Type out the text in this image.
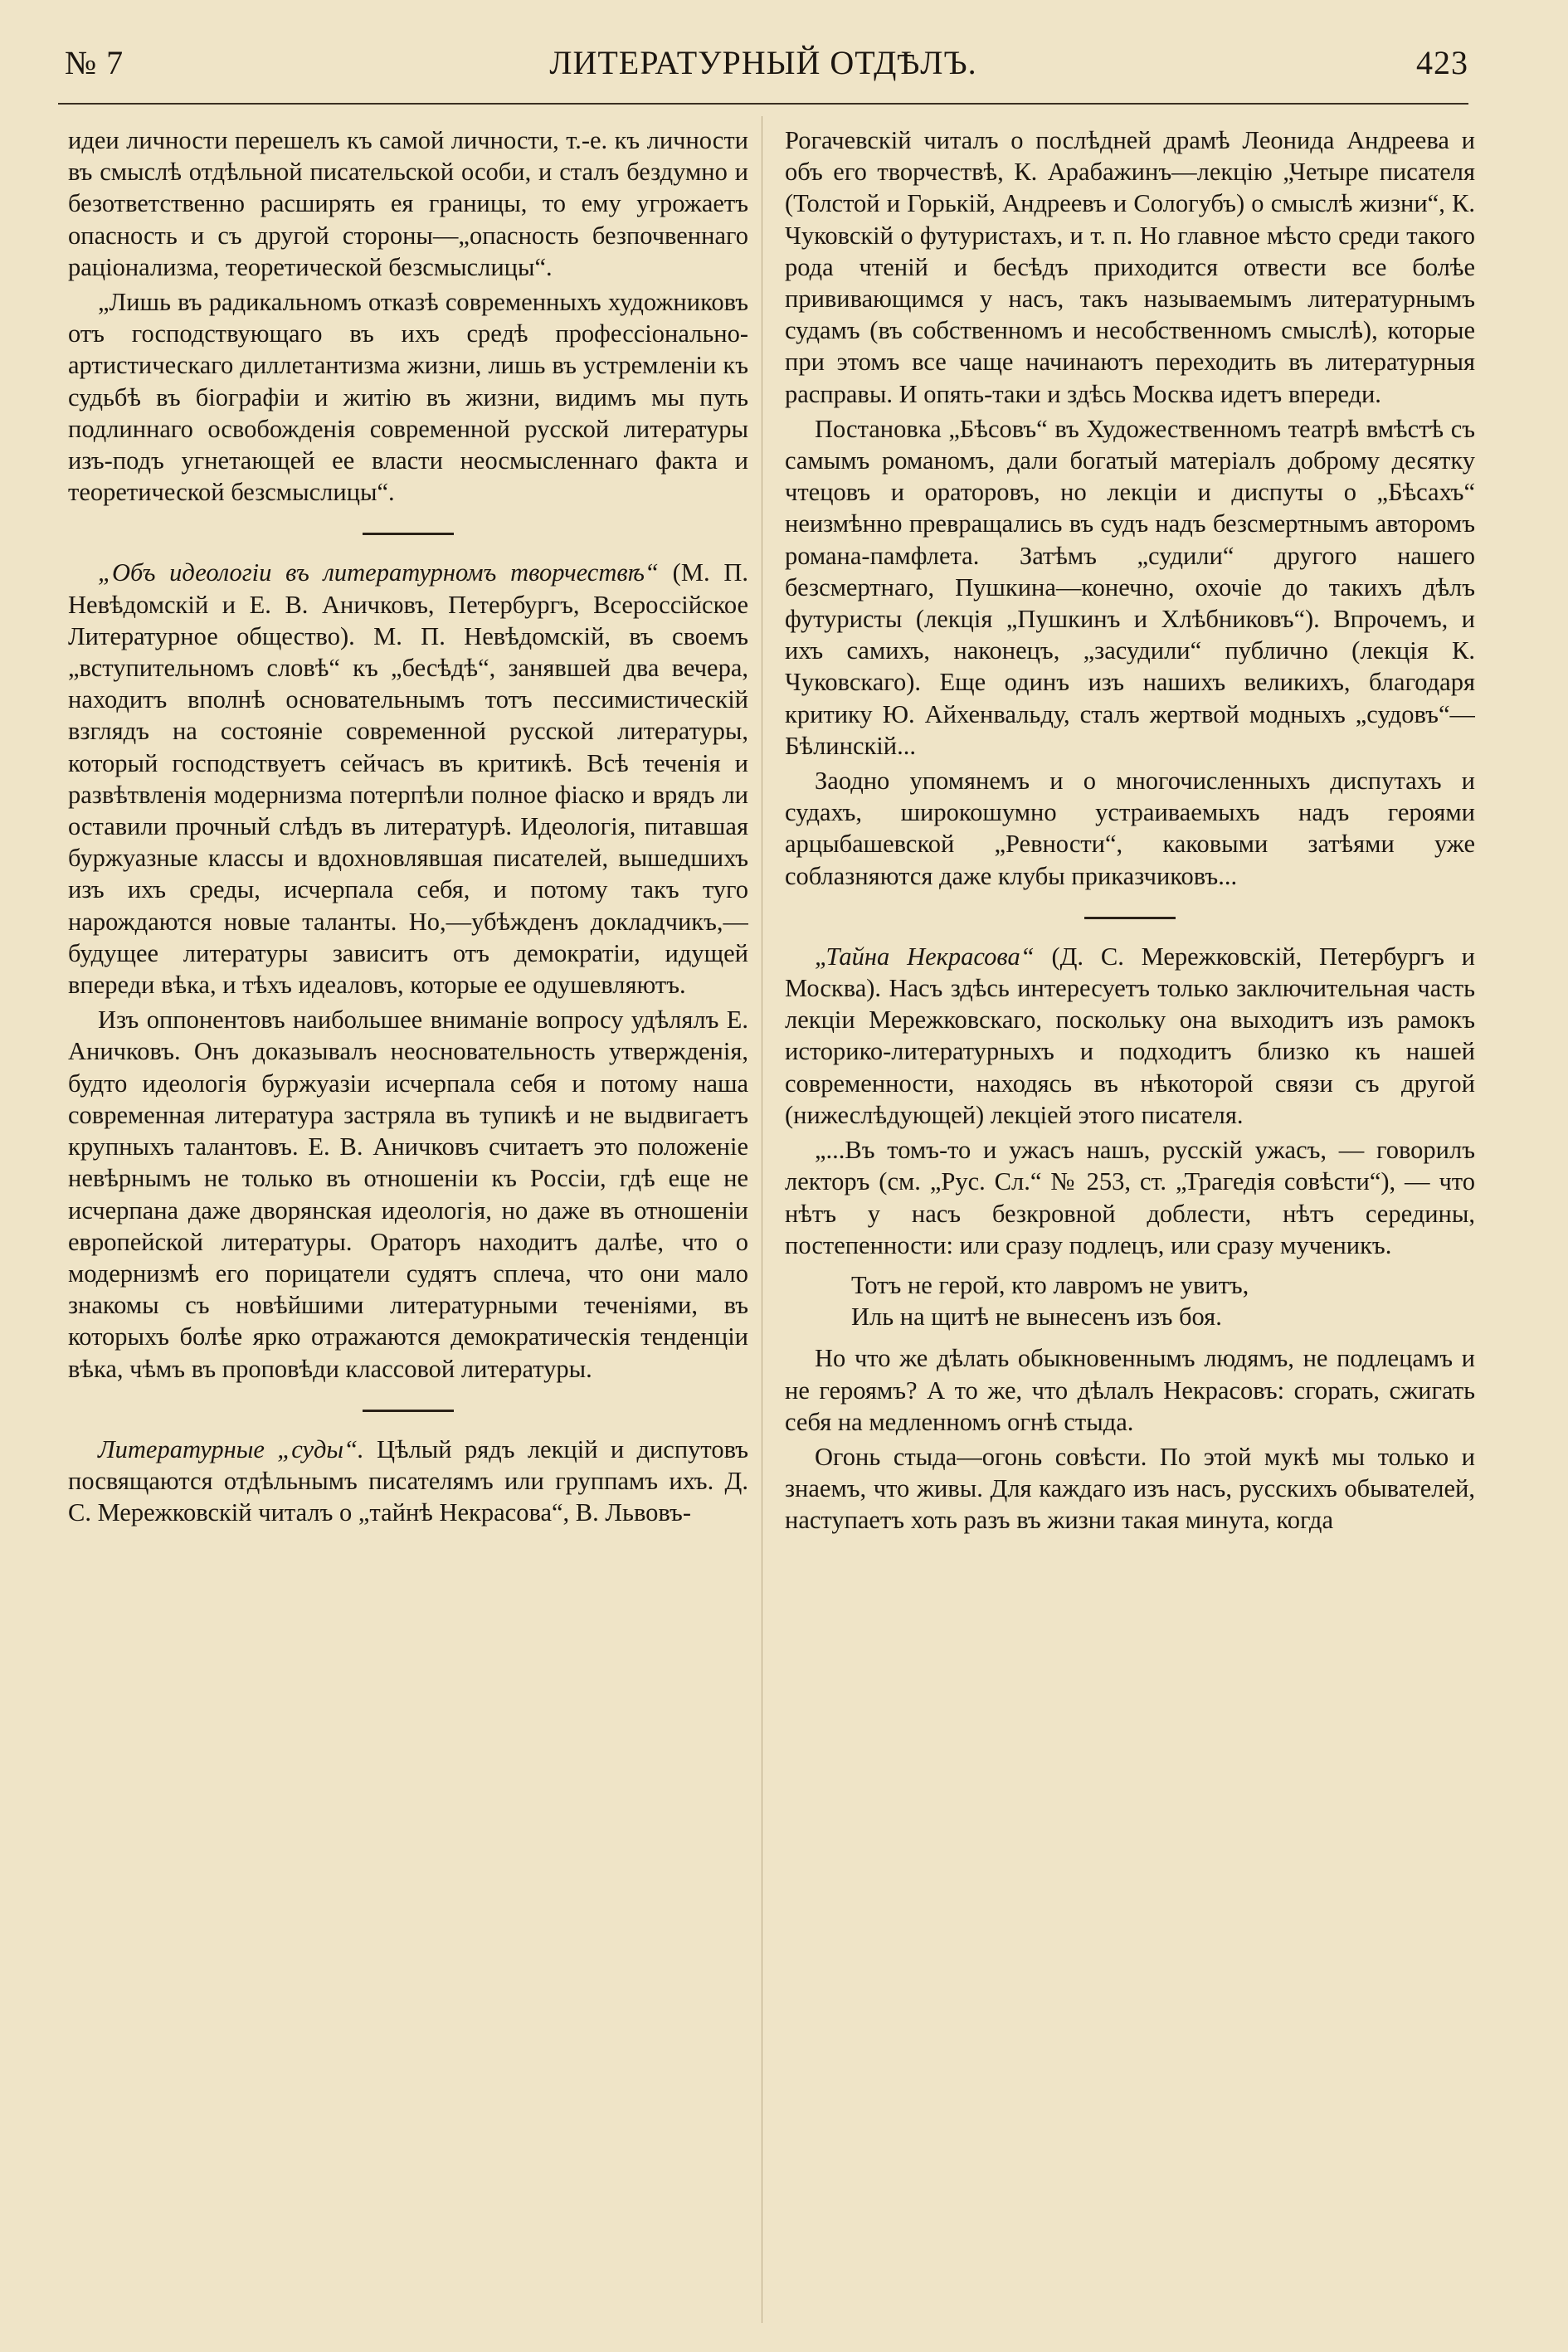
№ 7	ЛИТЕРАТУРНЫЙ ОТДѢЛЪ.	423

идеи личности перешелъ къ самой личности, т.-е. къ личности въ смыслѣ отдѣльной писательской особи, и сталъ бездумно и безответственно расширять ея границы, то ему угрожаетъ опасность и съ другой стороны—„опасность безпочвеннаго раціонализма, теоретической безсмыслицы“.

„Лишь въ радикальномъ отказѣ современныхъ художниковъ отъ господствующаго въ ихъ средѣ профессіонально-артистическаго диллетантизма жизни, лишь въ устремленіи къ судьбѣ въ біографіи и житію въ жизни, видимъ мы путь подлиннаго освобожденія современной русской литературы изъ-подъ угнетающей ее власти неосмысленнаго факта и теоретической безсмыслицы“.

„Объ идеологіи въ литературномъ творчествѣ“ (М. П. Невѣдомскій и Е. В. Аничковъ, Петербургъ, Всероссійское Литературное общество). М. П. Невѣдомскій, въ своемъ „вступительномъ словѣ“ къ „бесѣдѣ“, занявшей два вечера, находитъ вполнѣ основательнымъ тотъ пессимистическій взглядъ на состояніе современной русской литературы, который господствуетъ сейчасъ въ критикѣ. Всѣ теченія и развѣтвленія модернизма потерпѣли полное фіаско и врядъ ли оставили прочный слѣдъ въ литературѣ. Идеологія, питавшая буржуазные классы и вдохновлявшая писателей, вышедшихъ изъ ихъ среды, исчерпала себя, и потому такъ туго нарождаются новые таланты. Но,—убѣжденъ докладчикъ,—будущее литературы зависитъ отъ демократіи, идущей впереди вѣка, и тѣхъ идеаловъ, которые ее одушевляютъ.

Изъ оппонентовъ наибольшее вниманіе вопросу удѣлялъ Е. Аничковъ. Онъ доказывалъ неосновательность утвержденія, будто идеологія буржуазіи исчерпала себя и потому наша современная литература застряла въ тупикѣ и не выдвигаетъ крупныхъ талантовъ. Е. В. Аничковъ считаетъ это положеніе невѣрнымъ не только въ отношеніи къ Россіи, гдѣ еще не исчерпана даже дворянская идеологія, но даже въ отношеніи европейской литературы. Ораторъ находитъ далѣе, что о модернизмѣ его порицатели судятъ сплеча, что они мало знакомы съ новѣйшими литературными теченіями, въ которыхъ болѣе ярко отражаются демократическія тенденціи вѣка, чѣмъ въ проповѣди классовой литературы.

Литературные „суды“. Цѣлый рядъ лекцій и диспутовъ посвящаются отдѣльнымъ писателямъ или группамъ ихъ. Д. С. Мережковскій читалъ о „тайнѣ Некрасова“, В. Львовъ-

Рогачевскій читалъ о послѣдней драмѣ Леонида Андреева и объ его творчествѣ, К. Арабажинъ—лекцію „Четыре писателя (Толстой и Горькій, Андреевъ и Сологубъ) о смыслѣ жизни“, К. Чуковскій о футуристахъ, и т. п. Но главное мѣсто среди такого рода чтеній и бесѣдъ приходится отвести все болѣе прививающимся у насъ, такъ называемымъ литературнымъ судамъ (въ собственномъ и несобственномъ смыслѣ), которые при этомъ все чаще начинаютъ переходить въ литературныя расправы. И опять-таки и здѣсь Москва идетъ впереди.

Постановка „Бѣсовъ“ въ Художественномъ театрѣ вмѣстѣ съ самымъ романомъ, дали богатый матеріалъ доброму десятку чтецовъ и ораторовъ, но лекціи и диспуты о „Бѣсахъ“ неизмѣнно превращались въ судъ надъ безсмертнымъ авторомъ романа-памфлета. Затѣмъ „судили“ другого нашего безсмертнаго, Пушкина—конечно, охочіе до такихъ дѣлъ футуристы (лекція „Пушкинъ и Хлѣбниковъ“). Впрочемъ, и ихъ самихъ, наконецъ, „засудили“ публично (лекція К. Чуковскаго). Еще одинъ изъ нашихъ великихъ, благодаря критику Ю. Айхенвальду, сталъ жертвой модныхъ „судовъ“—Бѣлинскій...

Заодно упомянемъ и о многочисленныхъ диспутахъ и судахъ, широкошумно устраиваемыхъ надъ героями арцыбашевской „Ревности“, каковыми затѣями уже соблазняются даже клубы приказчиковъ...

„Тайна Некрасова“ (Д. С. Мережковскій, Петербургъ и Москва). Насъ здѣсь интересуетъ только заключительная часть лекціи Мережковскаго, поскольку она выходитъ изъ рамокъ историко-литературныхъ и подходитъ близко къ нашей современности, находясь въ нѣкоторой связи съ другой (нижеслѣдующей) лекціей этого писателя.

„...Въ томъ-то и ужасъ нашъ, русскій ужасъ, — говорилъ лекторъ (см. „Рус. Сл.“ № 253, ст. „Трагедія совѣсти“), — что нѣтъ у насъ безкровной доблести, нѣтъ середины, постепенности: или сразу подлецъ, или сразу мученикъ.

Тотъ не герой, кто лавромъ не увитъ,
Иль на щитѣ не вынесенъ изъ боя.

Но что же дѣлать обыкновеннымъ людямъ, не подлецамъ и не героямъ? А то же, что дѣлалъ Некрасовъ: сгорать, сжигать себя на медленномъ огнѣ стыда.

Огонь стыда—огонь совѣсти. По этой мукѣ мы только и знаемъ, что живы. Для каждаго изъ насъ, русскихъ обывателей, наступаетъ хоть разъ въ жизни такая минута, когда
